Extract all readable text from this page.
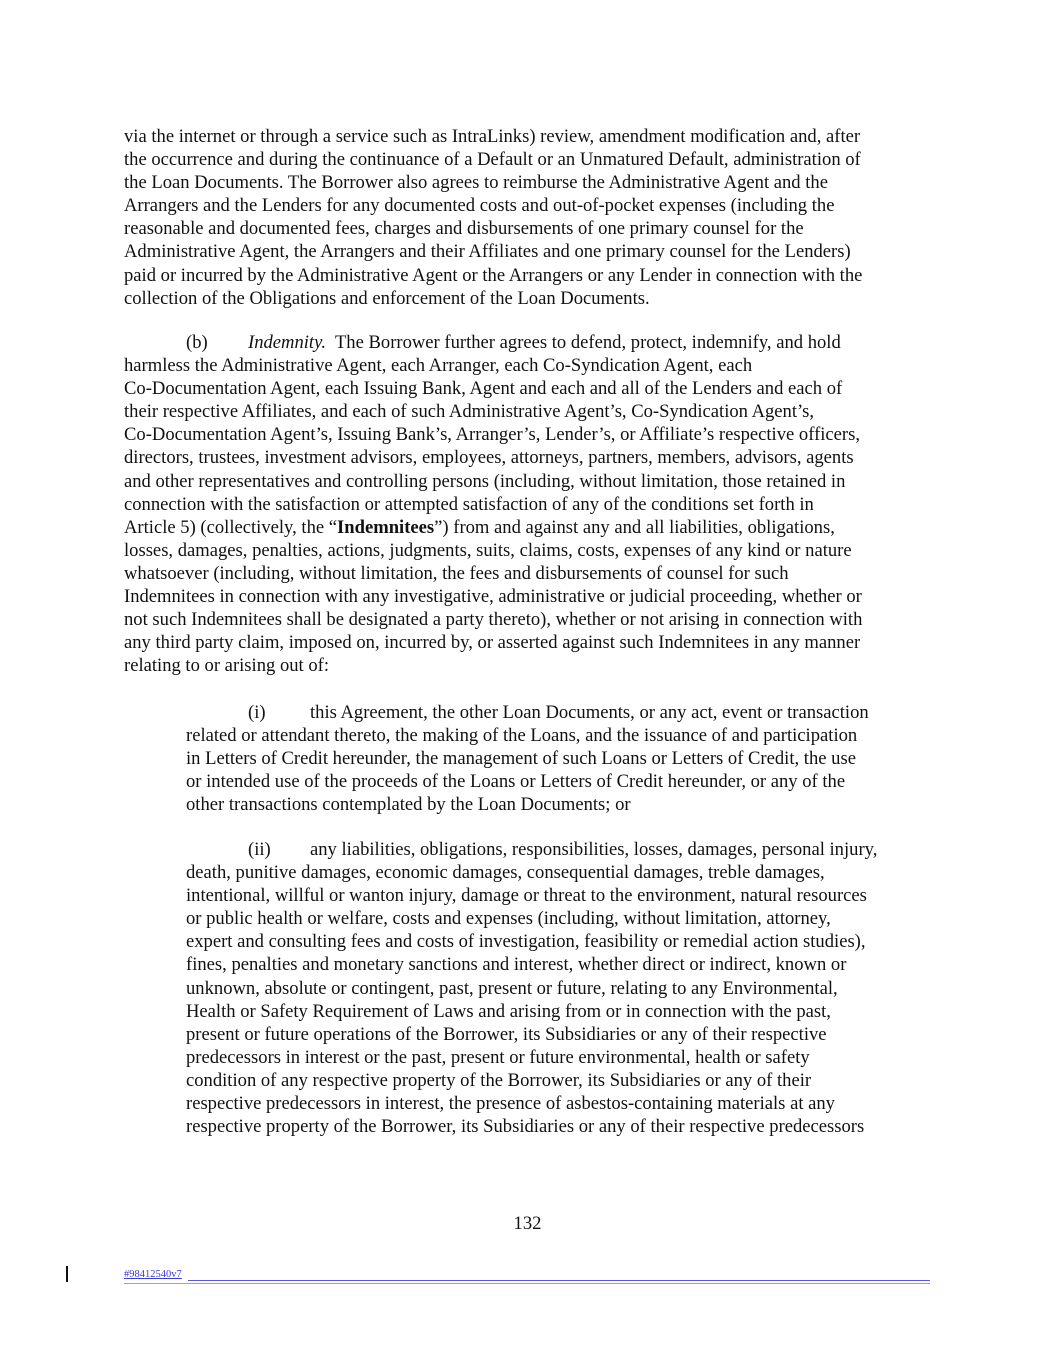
via the internet or through a service such as IntraLinks) review, amendment modification and, after
the occurrence and during the continuance of a Default or an Unmatured Default, administration of
the Loan Documents. The Borrower also agrees to reimburse the Administrative Agent and the
Arrangers and the Lenders for any documented costs and out-of-pocket expenses (including the
reasonable and documented fees, charges and disbursements of one primary counsel for the
Administrative Agent, the Arrangers and their Affiliates and one primary counsel for the Lenders)
paid or incurred by the Administrative Agent or the Arrangers or any Lender in connection with the
collection of the Obligations and enforcement of the Loan Documents.
(b) Indemnity.  The Borrower further agrees to defend, protect, indemnify, and hold
harmless the Administrative Agent, each Arranger, each Co-Syndication Agent, each
Co-Documentation Agent, each Issuing Bank, Agent and each and all of the Lenders and each of
their respective Affiliates, and each of such Administrative Agent’s, Co-Syndication Agent’s,
Co-Documentation Agent’s, Issuing Bank’s, Arranger’s, Lender’s, or Affiliate’s respective officers,
directors, trustees, investment advisors, employees, attorneys, partners, members, advisors, agents
and other representatives and controlling persons (including, without limitation, those retained in
connection with the satisfaction or attempted satisfaction of any of the conditions set forth in
Article 5) (collectively, the “Indemnitees”) from and against any and all liabilities, obligations,
losses, damages, penalties, actions, judgments, suits, claims, costs, expenses of any kind or nature
whatsoever (including, without limitation, the fees and disbursements of counsel for such
Indemnitees in connection with any investigative, administrative or judicial proceeding, whether or
not such Indemnitees shall be designated a party thereto), whether or not arising in connection with
any third party claim, imposed on, incurred by, or asserted against such Indemnitees in any manner
relating to or arising out of:
(i) this Agreement, the other Loan Documents, or any act, event or transaction
related or attendant thereto, the making of the Loans, and the issuance of and participation
in Letters of Credit hereunder, the management of such Loans or Letters of Credit, the use
or intended use of the proceeds of the Loans or Letters of Credit hereunder, or any of the
other transactions contemplated by the Loan Documents; or
(ii) any liabilities, obligations, responsibilities, losses, damages, personal injury,
death, punitive damages, economic damages, consequential damages, treble damages,
intentional, willful or wanton injury, damage or threat to the environment, natural resources
or public health or welfare, costs and expenses (including, without limitation, attorney,
expert and consulting fees and costs of investigation, feasibility or remedial action studies),
fines, penalties and monetary sanctions and interest, whether direct or indirect, known or
unknown, absolute or contingent, past, present or future, relating to any Environmental,
Health or Safety Requirement of Laws and arising from or in connection with the past,
present or future operations of the Borrower, its Subsidiaries or any of their respective
predecessors in interest or the past, present or future environmental, health or safety
condition of any respective property of the Borrower, its Subsidiaries or any of their
respective predecessors in interest, the presence of asbestos-containing materials at any
respective property of the Borrower, its Subsidiaries or any of their respective predecessors
132
#98412540v7
